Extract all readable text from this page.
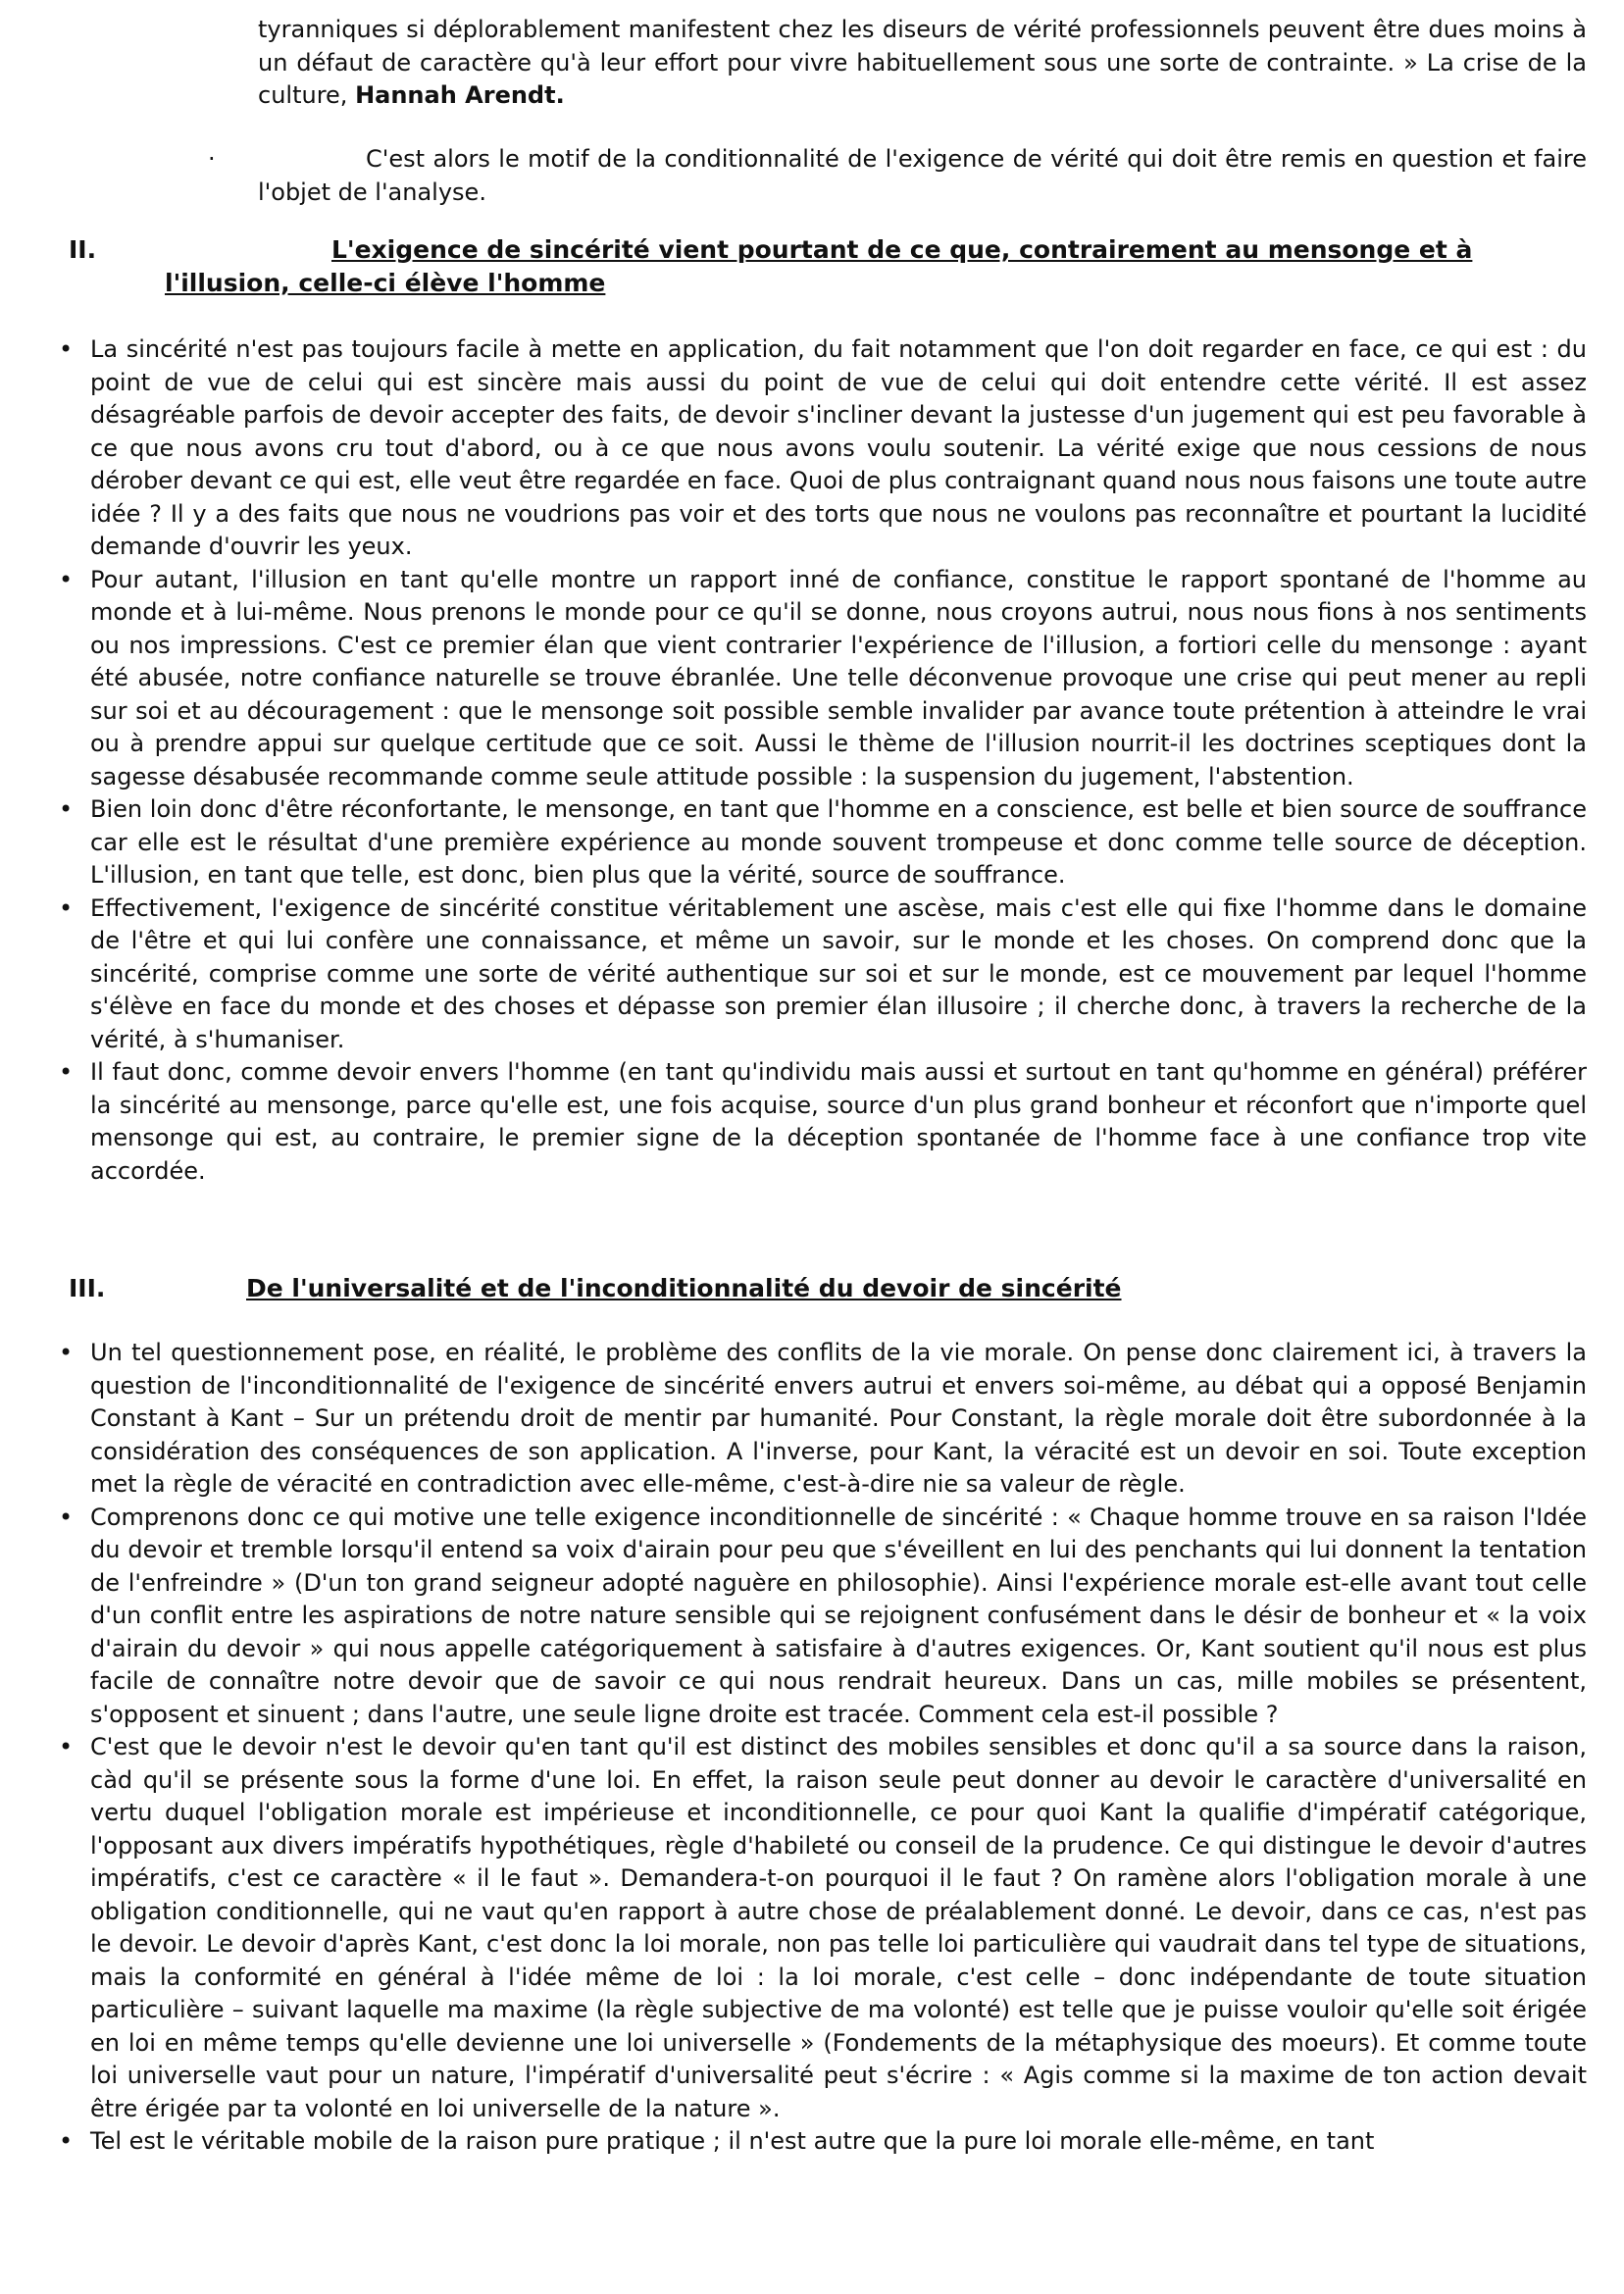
tyranniques si déplorablement manifestent chez les diseurs de vérité professionnels peuvent être dues moins à un défaut de caractère qu'à leur effort pour vivre habituellement sous une sorte de contrainte. » La crise de la culture, Hannah Arendt.
·	C'est alors le motif de la conditionnalité de l'exigence de vérité qui doit être remis en question et faire l'objet de l'analyse.
II.	L'exigence de sincérité vient pourtant de ce que, contrairement au mensonge et à
l'illusion, celle-ci élève l'homme
• La sincérité n'est pas toujours facile à mette en application, du fait notamment que l'on doit regarder en face, ce qui est : du point de vue de celui qui est sincère mais aussi du point de vue de celui qui doit entendre cette vérité. Il est assez désagréable parfois de devoir accepter des faits, de devoir s'incliner devant la justesse d'un jugement qui est peu favorable à ce que nous avons cru tout d'abord, ou à ce que nous avons voulu soutenir. La vérité exige que nous cessions de nous dérober devant ce qui est, elle veut être regardée en face. Quoi de plus contraignant quand nous nous faisons une toute autre idée ? Il y a des faits que nous ne voudrions pas voir et des torts que nous ne voulons pas reconnaître et pourtant la lucidité demande d'ouvrir les yeux.
• Pour autant, l'illusion en tant qu'elle montre un rapport inné de confiance, constitue le rapport spontané de l'homme au monde et à lui-même. Nous prenons le monde pour ce qu'il se donne, nous croyons autrui, nous nous fions à nos sentiments ou nos impressions. C'est ce premier élan que vient contrarier l'expérience de l'illusion, a fortiori celle du mensonge : ayant été abusée, notre confiance naturelle se trouve ébranlée. Une telle déconvenue provoque une crise qui peut mener au repli sur soi et au découragement : que le mensonge soit possible semble invalider par avance toute prétention à atteindre le vrai ou à prendre appui sur quelque certitude que ce soit. Aussi le thème de l'illusion nourrit-il les doctrines sceptiques dont la sagesse désabusée recommande comme seule attitude possible : la suspension du jugement, l'abstention.
• Bien loin donc d'être réconfortante, le mensonge, en tant que l'homme en a conscience, est belle et bien source de souffrance car elle est le résultat d'une première expérience au monde souvent trompeuse et donc comme telle source de déception. L'illusion, en tant que telle, est donc, bien plus que la vérité, source de souffrance.
• Effectivement, l'exigence de sincérité constitue véritablement une ascèse, mais c'est elle qui fixe l'homme dans le domaine de l'être et qui lui confère une connaissance, et même un savoir, sur le monde et les choses. On comprend donc que la sincérité, comprise comme une sorte de vérité authentique sur soi et sur le monde, est ce mouvement par lequel l'homme s'élève en face du monde et des choses et dépasse son premier élan illusoire ; il cherche donc, à travers la recherche de la vérité, à s'humaniser.
• Il faut donc, comme devoir envers l'homme (en tant qu'individu mais aussi et surtout en tant qu'homme en général) préférer la sincérité au mensonge, parce qu'elle est, une fois acquise, source d'un plus grand bonheur et réconfort que n'importe quel mensonge qui est, au contraire, le premier signe de la déception spontanée de l'homme face à une confiance trop vite accordée.
III.	De l'universalité et de l'inconditionnalité du devoir de sincérité
• Un tel questionnement pose, en réalité, le problème des conflits de la vie morale. On pense donc clairement ici, à travers la question de l'inconditionnalité de l'exigence de sincérité envers autrui et envers soi-même, au débat qui a opposé Benjamin Constant à Kant – Sur un prétendu droit de mentir par humanité. Pour Constant, la règle morale doit être subordonnée à la considération des conséquences de son application. A l'inverse, pour Kant, la véracité est un devoir en soi. Toute exception met la règle de véracité en contradiction avec elle-même, c'est-à-dire nie sa valeur de règle.
• Comprenons donc ce qui motive une telle exigence inconditionnelle de sincérité : « Chaque homme trouve en sa raison l'Idée du devoir et tremble lorsqu'il entend sa voix d'airain pour peu que s'éveillent en lui des penchants qui lui donnent la tentation de l'enfreindre » (D'un ton grand seigneur adopté naguère en philosophie). Ainsi l'expérience morale est-elle avant tout celle d'un conflit entre les aspirations de notre nature sensible qui se rejoignent confusément dans le désir de bonheur et « la voix d'airain du devoir » qui nous appelle catégoriquement à satisfaire à d'autres exigences. Or, Kant soutient qu'il nous est plus facile de connaître notre devoir que de savoir ce qui nous rendrait heureux. Dans un cas, mille mobiles se présentent, s'opposent et sinuent ; dans l'autre, une seule ligne droite est tracée. Comment cela est-il possible ?
• C'est que le devoir n'est le devoir qu'en tant qu'il est distinct des mobiles sensibles et donc qu'il a sa source dans la raison, càd qu'il se présente sous la forme d'une loi. En effet, la raison seule peut donner au devoir le caractère d'universalité en vertu duquel l'obligation morale est impérieuse et inconditionnelle, ce pour quoi Kant la qualifie d'impératif catégorique, l'opposant aux divers impératifs hypothétiques, règle d'habileté ou conseil de la prudence. Ce qui distingue le devoir d'autres impératifs, c'est ce caractère « il le faut ». Demandera-t-on pourquoi il le faut ? On ramène alors l'obligation morale à une obligation conditionnelle, qui ne vaut qu'en rapport à autre chose de préalablement donné. Le devoir, dans ce cas, n'est pas le devoir. Le devoir d'après Kant, c'est donc la loi morale, non pas telle loi particulière qui vaudrait dans tel type de situations, mais la conformité en général à l'idée même de loi : la loi morale, c'est celle – donc indépendante de toute situation particulière – suivant laquelle ma maxime (la règle subjective de ma volonté) est telle que je puisse vouloir qu'elle soit érigée en loi en même temps qu'elle devienne une loi universelle » (Fondements de la métaphysique des moeurs). Et comme toute loi universelle vaut pour un nature, l'impératif d'universalité peut s'écrire : « Agis comme si la maxime de ton action devait être érigée par ta volonté en loi universelle de la nature ».
• Tel est le véritable mobile de la raison pure pratique ; il n'est autre que la pure loi morale elle-même, en tant
